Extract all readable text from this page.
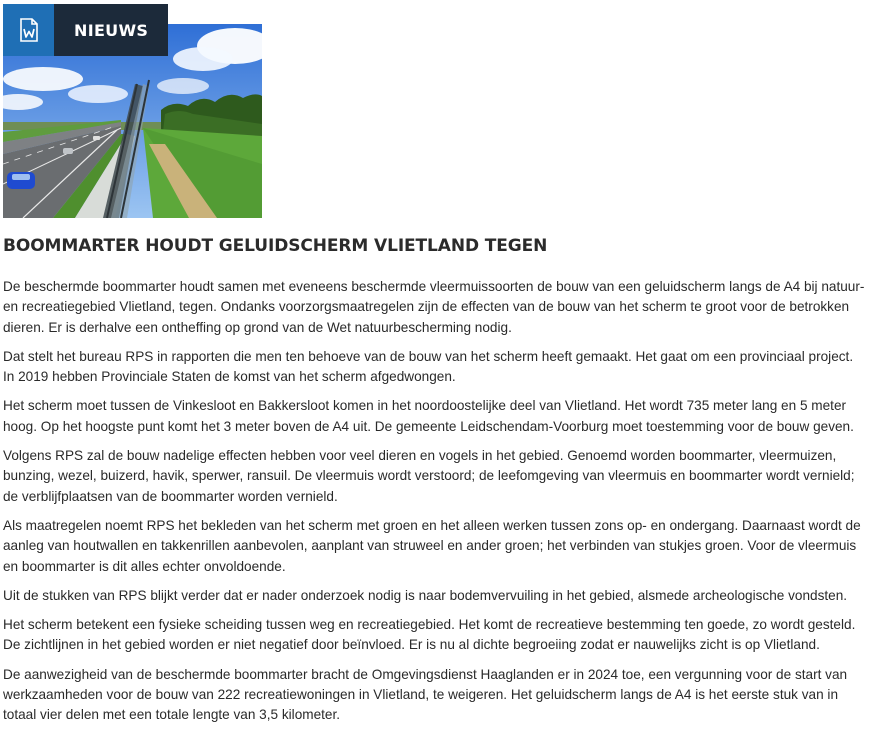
NIEUWS
BOOMMARTER HOUDT GELUIDSCHERM VLIETLAND TEGEN

De beschermde boommarter houdt samen met eveneens beschermde vleermuissoorten de bouw van een geluidscherm langs de A4 bij natuur- en recreatiegebied Vlietland, tegen. Ondanks voorzorgsmaatregelen zijn de effecten van de bouw van het scherm te groot voor de betrokken dieren. Er is derhalve een ontheffing op grond van de Wet natuurbescherming nodig.

Dat stelt het bureau RPS in rapporten die men ten behoeve van de bouw van het scherm heeft gemaakt. Het gaat om een provinciaal project. In 2019 hebben Provinciale Staten de komst van het scherm afgedwongen.

Het scherm moet tussen de Vinkesloot en Bakkersloot komen in het noordoostelijke deel van Vlietland. Het wordt 735 meter lang en 5 meter hoog. Op het hoogste punt komt het 3 meter boven de A4 uit. De gemeente Leidschendam-Voorburg moet toestemming voor de bouw geven.

Volgens RPS zal de bouw nadelige effecten hebben voor veel dieren en vogels in het gebied. Genoemd worden boommarter, vleermuizen, bunzing, wezel, buizerd, havik, sperwer, ransuil. De vleermuis wordt verstoord; de leefomgeving van vleermuis en boommarter wordt vernield; de verblijfplaatsen van de boommarter worden vernield.

Als maatregelen noemt RPS het bekleden van het scherm met groen en het alleen werken tussen zons op- en ondergang. Daarnaast wordt de aanleg van houtwallen en takkenrillen aanbevolen, aanplant van struweel en ander groen; het verbinden van stukjes groen. Voor de vleermuis en boommarter is dit alles echter onvoldoende.

Uit de stukken van RPS blijkt verder dat er nader onderzoek nodig is naar bodemvervuiling in het gebied, alsmede archeologische vondsten.

Het scherm betekent een fysieke scheiding tussen weg en recreatiegebied. Het komt de recreatieve bestemming ten goede, zo wordt gesteld. De zichtlijnen in het gebied worden er niet negatief door beïnvloed. Er is nu al dichte begroeiing zodat er nauwelijks zicht is op Vlietland.

De aanwezigheid van de beschermde boommarter bracht de Omgevingsdienst Haaglanden er in 2024 toe, een vergunning voor de start van werkzaamheden voor de bouw van 222 recreatiewoningen in Vlietland, te weigeren. Het geluidscherm langs de A4 is het eerste stuk van in totaal vier delen met een totale lengte van 3,5 kilometer.
